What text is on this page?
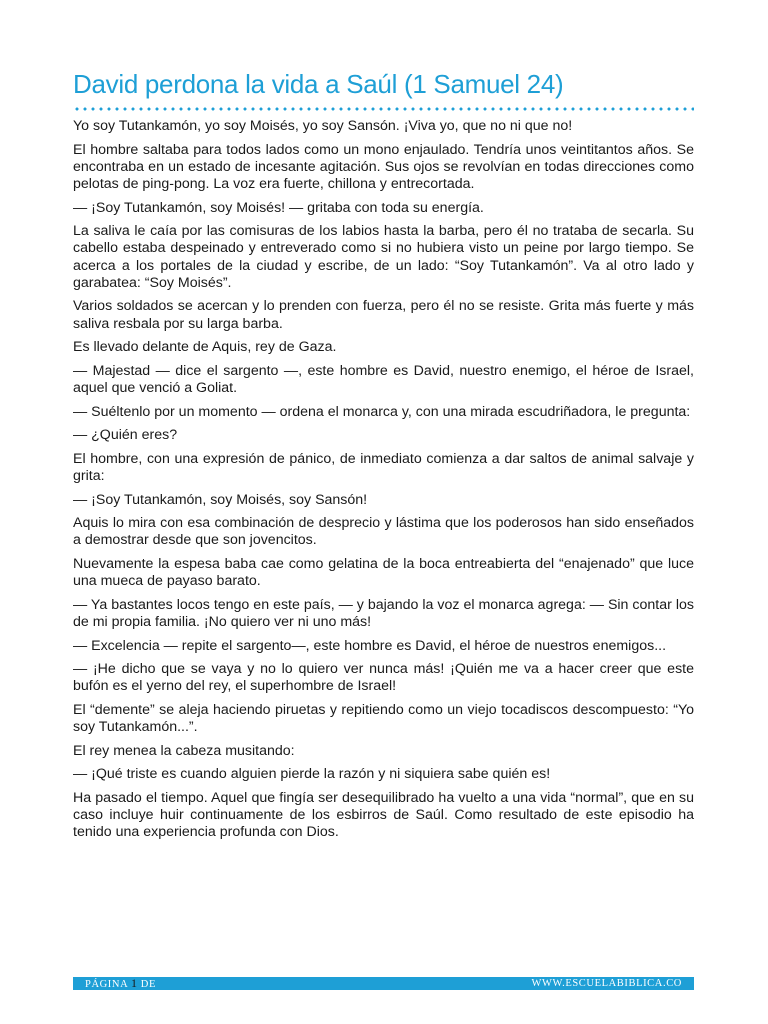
David perdona la vida a Saúl (1 Samuel 24)

Yo soy Tutankamón, yo soy Moisés, yo soy Sansón. ¡Viva yo, que no ni que no!

El hombre saltaba para todos lados como un mono enjaulado. Tendría unos veintitantos años. Se encontraba en un estado de incesante agitación. Sus ojos se revolvían en todas direcciones como pelotas de ping-pong. La voz era fuerte, chillona y entrecortada.

— ¡Soy Tutankamón, soy Moisés! — gritaba con toda su energía.

La saliva le caía por las comisuras de los labios hasta la barba, pero él no trataba de secarla. Su cabello estaba despeinado y entreverado como si no hubiera visto un peine por largo tiempo. Se acerca a los portales de la ciudad y escribe, de un lado: “Soy Tutankamón”. Va al otro lado y garabatea: “Soy Moisés”.

Varios soldados se acercan y lo prenden con fuerza, pero él no se resiste. Grita más fuerte y más saliva resbala por su larga barba.

Es llevado delante de Aquis, rey de Gaza.

— Majestad — dice el sargento —, este hombre es David, nuestro enemigo, el héroe de Israel, aquel que venció a Goliat.

— Suéltenlo por un momento — ordena el monarca y, con una mirada escudriñadora, le pregunta:

— ¿Quién eres?

El hombre, con una expresión de pánico, de inmediato comienza a dar saltos de animal salvaje y grita:

— ¡Soy Tutankamón, soy Moisés, soy Sansón!

Aquis lo mira con esa combinación de desprecio y lástima que los poderosos han sido enseñados a demostrar desde que son jovencitos.

Nuevamente la espesa baba cae como gelatina de la boca entreabierta del “enajenado” que luce una mueca de payaso barato.

— Ya bastantes locos tengo en este país, — y bajando la voz el monarca agrega: — Sin contar los de mi propia familia. ¡No quiero ver ni uno más!

— Excelencia — repite el sargento—, este hombre es David, el héroe de nuestros enemigos...

— ¡He dicho que se vaya y no lo quiero ver nunca más! ¡Quién me va a hacer creer que este bufón es el yerno del rey, el superhombre de Israel!

El “demente” se aleja haciendo piruetas y repitiendo como un viejo tocadiscos descompuesto: “Yo soy Tutankamón...”.

El rey menea la cabeza musitando:

— ¡Qué triste es cuando alguien pierde la razón y ni siquiera sabe quién es!

Ha pasado el tiempo. Aquel que fingía ser desequilibrado ha vuelto a una vida “normal”, que en su caso incluye huir continuamente de los esbirros de Saúl. Como resultado de este episodio ha tenido una experiencia profunda con Dios.

PÁGINA 1 DE	WWW.ESCUELABIBLICA.CO
